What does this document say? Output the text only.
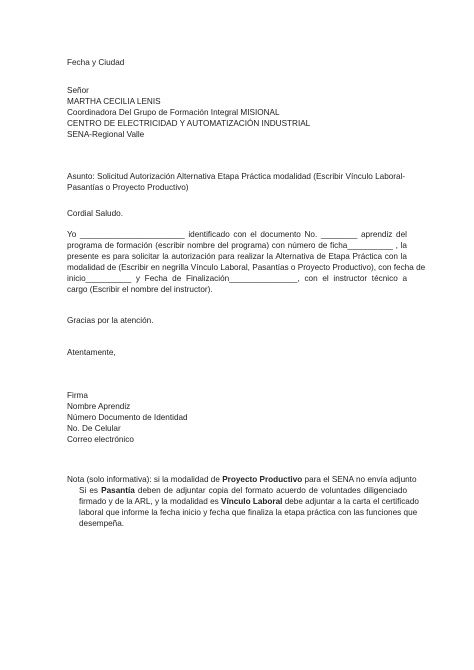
Fecha y Ciudad
Señor
MARTHA CECILIA LENIS
Coordinadora Del Grupo de Formación Integral MISIONAL
CENTRO DE ELECTRICIDAD Y AUTOMATIZACIÓN INDUSTRIAL
SENA-Regional Valle
Asunto: Solicitud Autorización Alternativa Etapa Práctica modalidad (Escribir Vínculo Laboral-
Pasantías o Proyecto Productivo)
Cordial Saludo.
Yo _______________________ identificado con el documento No. ________ aprendiz del
programa de formación (escribir nombre del programa) con número de ficha__________ , la
presente es para solicitar la autorización para realizar la Alternativa de Etapa Práctica con la
modalidad de (Escribir en negrilla Vínculo Laboral, Pasantías o Proyecto Productivo), con fecha de
inicio__________ y Fecha de Finalización_______________, con el instructor técnico a
cargo (Escribir el nombre del instructor).
Gracias por la atención.
Atentamente,
Firma
Nombre Aprendiz
Número Documento de Identidad
No. De Celular
Correo electrónico
Nota (solo informativa): si la modalidad de Proyecto Productivo para el SENA no envía adjunto
Si es Pasantía deben de adjuntar copia del formato acuerdo de voluntades diligenciado
firmado y de la ARL, y la modalidad es Vínculo Laboral debe adjuntar a la carta el certificado
laboral que informe la fecha inicio y fecha que finaliza la etapa práctica con las funciones que
desempeña.
